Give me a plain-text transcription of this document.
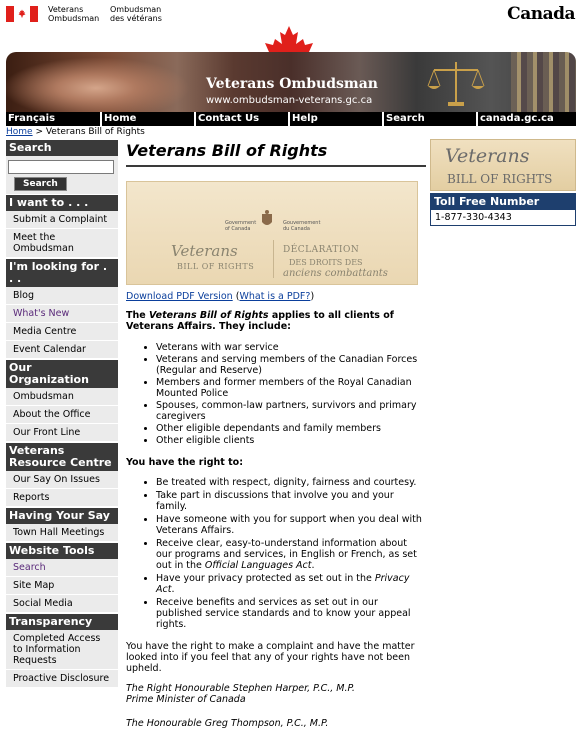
Veterans
Ombudsman
Ombudsman
des vétérans	Canada
Veterans Ombudsman
www.ombudsman-veterans.gc.ca
Français	Home	Contact Us	Help	Search	canada.gc.ca
Home > Veterans Bill of Rights
Search
Search
I want to . . .
Submit a Complaint
Meet the Ombudsman
I'm looking for . . .
Blog
What's New
Media Centre
Event Calendar
Our Organization
Ombudsman
About the Office
Our Front Line
Veterans Resource Centre
Our Say On Issues
Reports
Having Your Say
Town Hall Meetings
Website Tools
Search
Site Map
Social Media
Transparency
Completed Access to Information Requests
Proactive Disclosure
Veterans Bill of Rights
Government
of Canada
Gouvernement
du Canada
Veterans
BILL OF RIGHTS
DÉCLARATION
DES DROITS DES
anciens combattants
Download PDF Version (What is a PDF?)

The Veterans Bill of Rights applies to all clients of Veterans Affairs. They include:

• Veterans with war service
• Veterans and serving members of the Canadian Forces (Regular and Reserve)
• Members and former members of the Royal Canadian Mounted Police
• Spouses, common-law partners, survivors and primary caregivers
• Other eligible dependants and family members
• Other eligible clients

You have the right to:

• Be treated with respect, dignity, fairness and courtesy.
• Take part in discussions that involve you and your family.
• Have someone with you for support when you deal with Veterans Affairs.
• Receive clear, easy-to-understand information about our programs and services, in English or French, as set out in the Official Languages Act.
• Have your privacy protected as set out in the Privacy Act.
• Receive benefits and services as set out in our published service standards and to know your appeal rights.

You have the right to make a complaint and have the matter looked into if you feel that any of your rights have not been upheld.

The Right Honourable Stephen Harper, P.C., M.P.
Prime Minister of Canada
The Honourable Greg Thompson, P.C., M.P.
Veterans
BILL OF RIGHTS
Toll Free Number
1-877-330-4343
